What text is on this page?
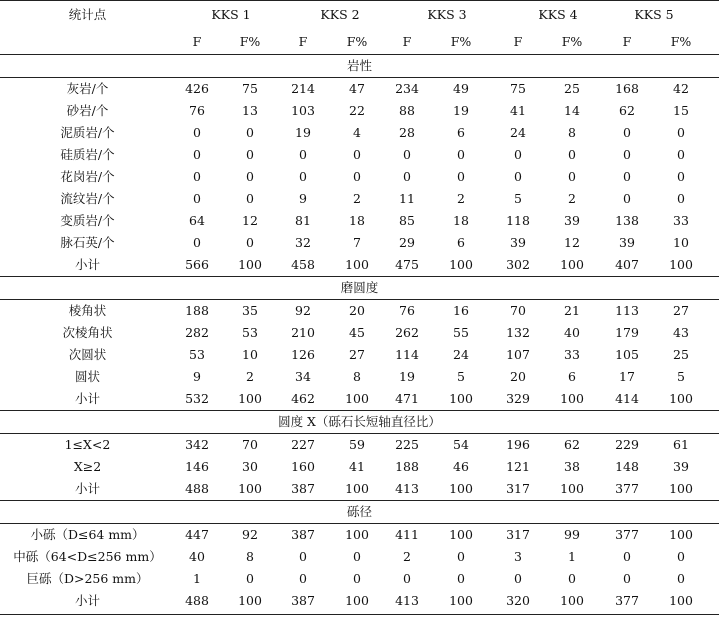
统计点	KKS 1	KKS 2	KKS 3	KKS 4	KKS 5
F	F%	F	F%	F	F%	F	F%	F	F%
岩性
灰岩/个	426	75	214	47	234	49	75	25	168	42
砂岩/个	76	13	103	22	88	19	41	14	62	15
泥质岩/个	0	0	19	4	28	6	24	8	0	0
硅质岩/个	0	0	0	0	0	0	0	0	0	0
花岗岩/个	0	0	0	0	0	0	0	0	0	0
流纹岩/个	0	0	9	2	11	2	5	2	0	0
变质岩/个	64	12	81	18	85	18	118	39	138	33
脉石英/个	0	0	32	7	29	6	39	12	39	10
小计	566	100	458	100	475	100	302	100	407	100
磨圆度
棱角状	188	35	92	20	76	16	70	21	113	27
次棱角状	282	53	210	45	262	55	132	40	179	43
次圆状	53	10	126	27	114	24	107	33	105	25
圆状	9	2	34	8	19	5	20	6	17	5
小计	532	100	462	100	471	100	329	100	414	100
圆度 X（砾石长短轴直径比）
1≤X<2	342	70	227	59	225	54	196	62	229	61
X≥2	146	30	160	41	188	46	121	38	148	39
小计	488	100	387	100	413	100	317	100	377	100
砾径
小砾（D≤64 mm）	447	92	387	100	411	100	317	99	377	100
中砾（64<D≤256 mm）	40	8	0	0	2	0	3	1	0	0
巨砾（D>256 mm）	1	0	0	0	0	0	0	0	0	0
小计	488	100	387	100	413	100	320	100	377	100
